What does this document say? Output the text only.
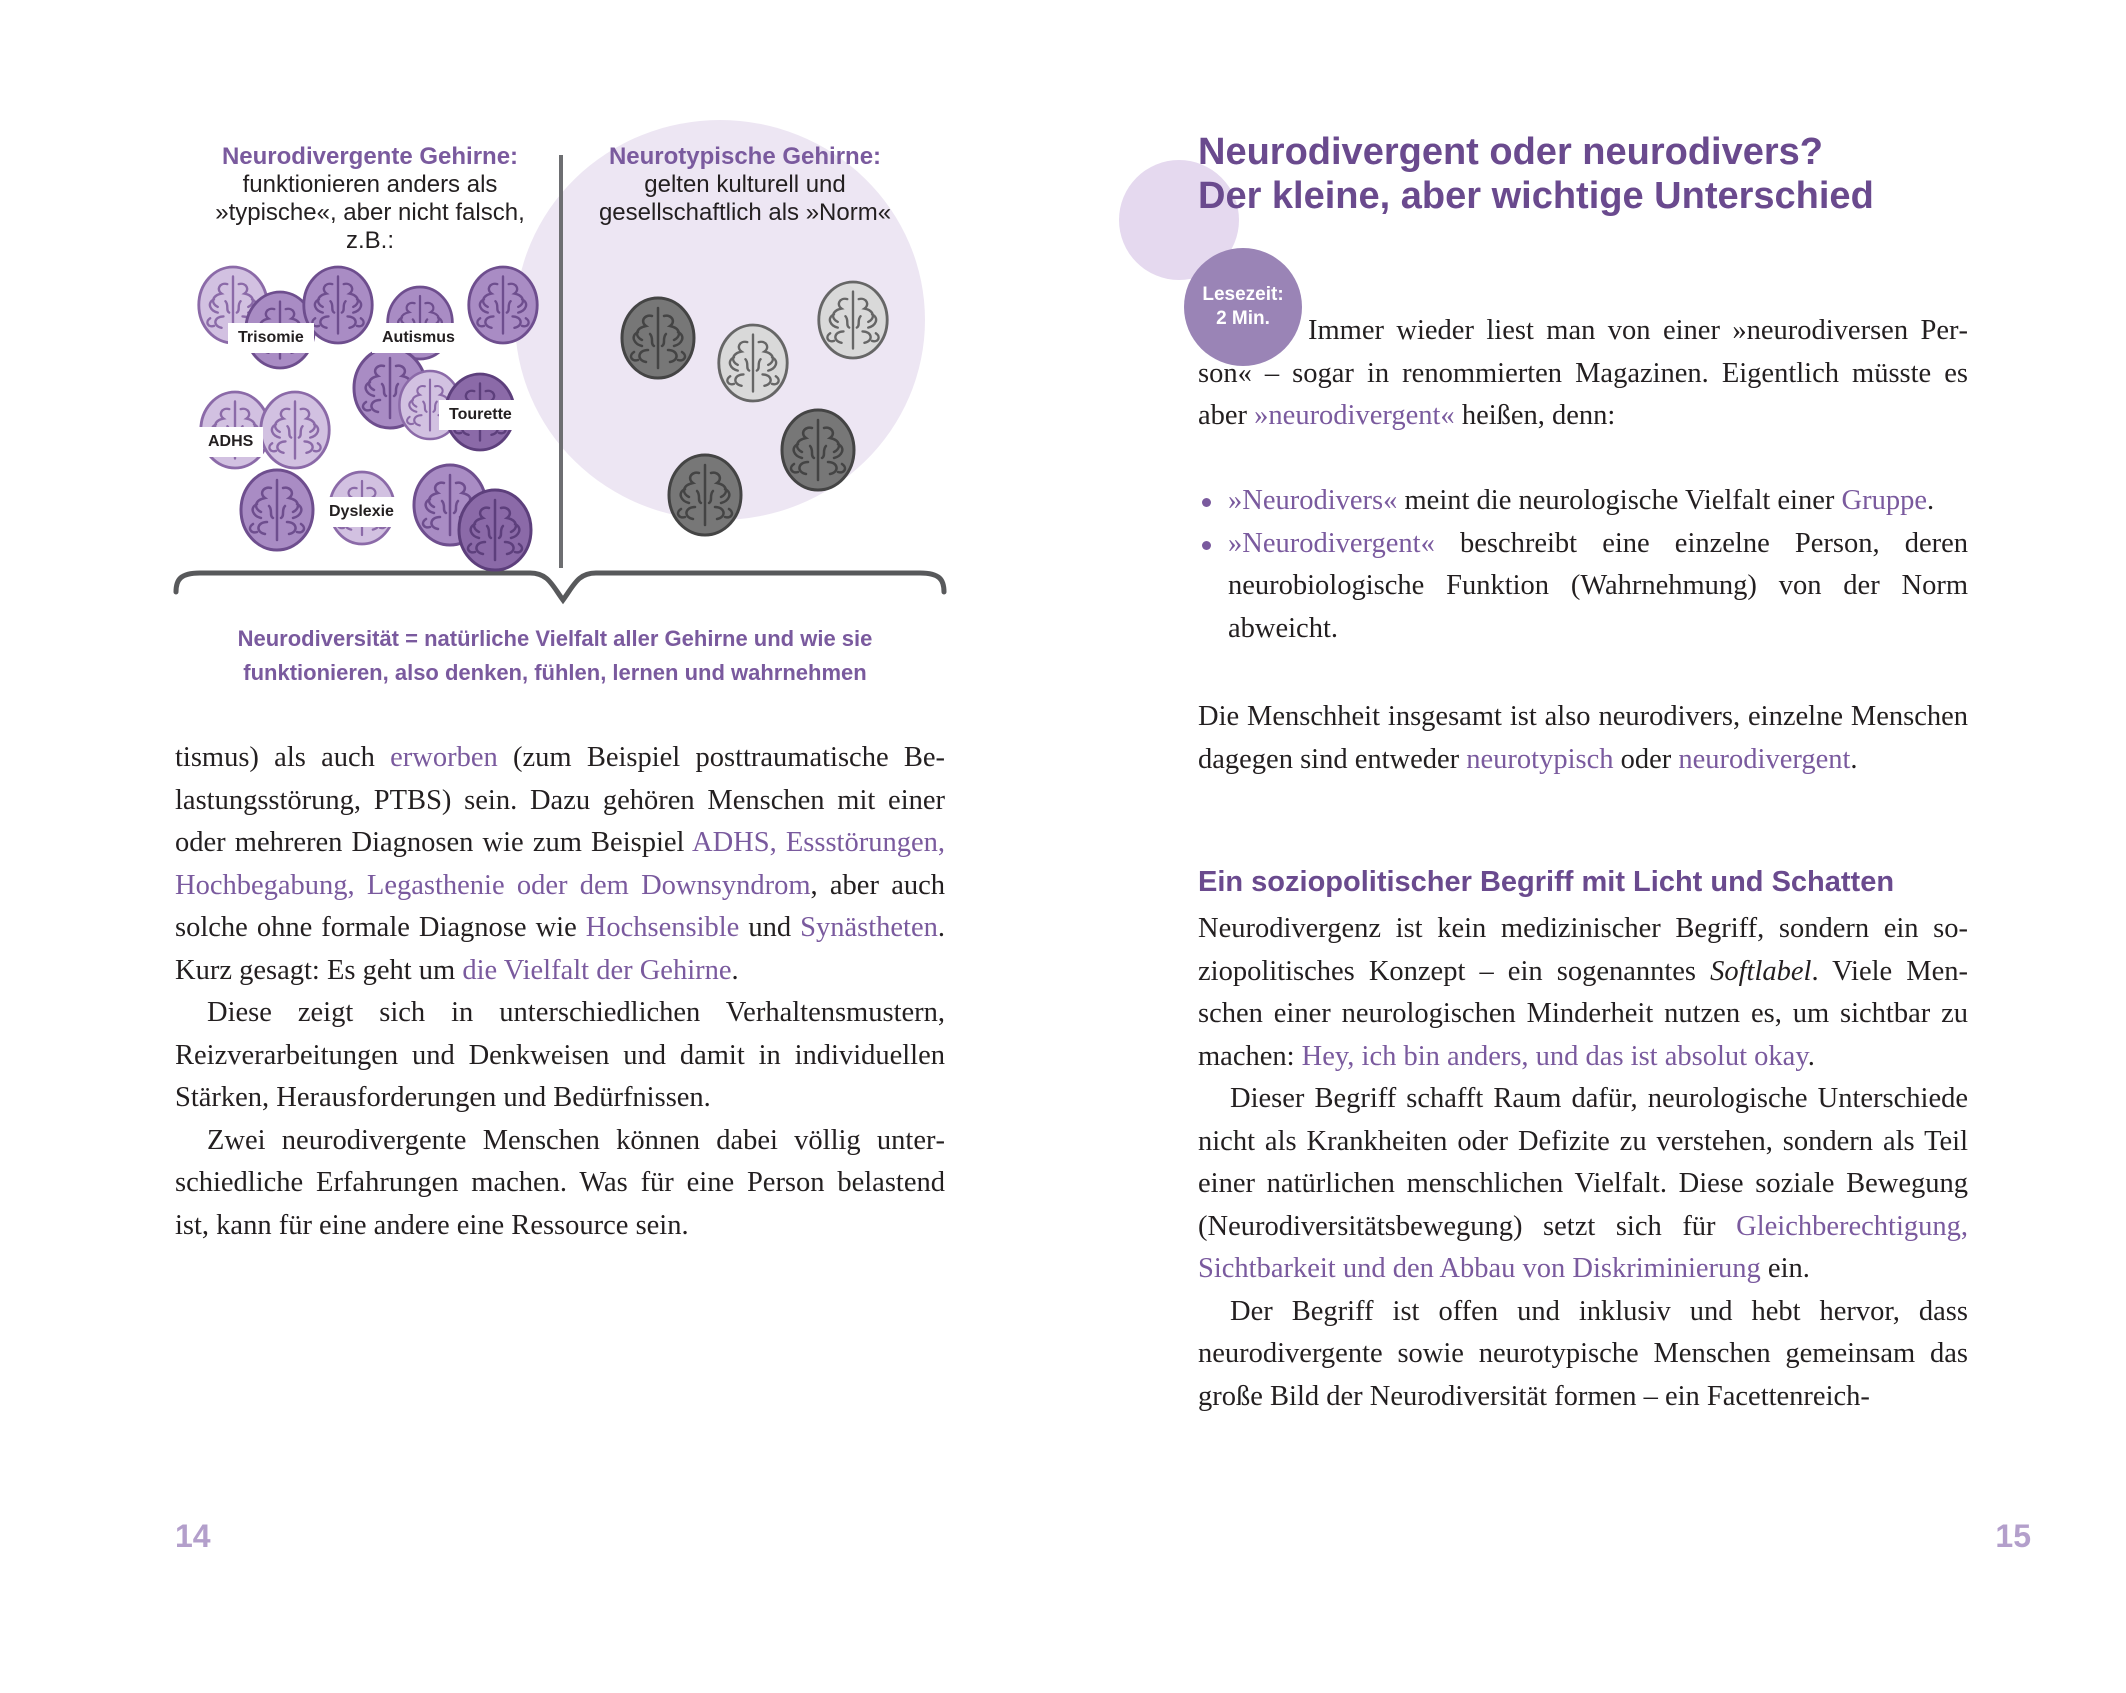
Neurodivergente Gehirne:
funktionieren anders als
»typische«, aber nicht falsch,
z.B.:
Neurotypische Gehirne:
gelten kulturell und
gesellschaftlich als »Norm«
Trisomie	Autismus
Tourette
ADHS
Dyslexie
Neurodiversität = natürliche Vielfalt aller Gehirne und wie sie
funktionieren, also denken, fühlen, lernen und wahrnehmen

tismus) als auch erworben (zum Beispiel posttraumatische Belastungsstörung, PTBS) sein. Dazu gehören Menschen mit einer oder mehreren Diagnosen wie zum Beispiel ADHS, Essstörungen, Hochbegabung, Legasthenie oder dem Downsyndrom, aber auch solche ohne formale Diagnose wie Hochsensible und Synästheten. Kurz gesagt: Es geht um die Vielfalt der Gehirne.

Diese zeigt sich in unterschiedlichen Verhaltensmustern, Reizverarbeitungen und Denkweisen und damit in individuellen Stärken, Herausforderungen und Bedürfnissen.

Zwei neurodivergente Menschen können dabei völlig unterschiedliche Erfahrungen machen. Was für eine Person belastend ist, kann für eine andere eine Ressource sein.

14
Lesezeit:
2 Min.
Neurodivergent oder neurodivers?
Der kleine, aber wichtige Unterschied

Immer wieder liest man von einer »neurodiversen Person« – sogar in renommierten Magazinen. Eigentlich müsste es aber »neurodivergent« heißen, denn:

»Neurodivers« meint die neurologische Vielfalt einer Gruppe.
»Neurodivergent« beschreibt eine einzelne Person, deren neurobiologische Funktion (Wahrnehmung) von der Norm abweicht.

Die Menschheit insgesamt ist also neurodivers, einzelne Menschen dagegen sind entweder neurotypisch oder neurodivergent.

Ein soziopolitischer Begriff mit Licht und Schatten

Neurodivergenz ist kein medizinischer Begriff, sondern ein soziopolitisches Konzept – ein sogenanntes Softlabel. Viele Menschen einer neurologischen Minderheit nutzen es, um sichtbar zu machen: Hey, ich bin anders, und das ist absolut okay.

Dieser Begriff schafft Raum dafür, neurologische Unterschiede nicht als Krankheiten oder Defizite zu verstehen, sondern als Teil einer natürlichen menschlichen Vielfalt. Diese soziale Bewegung (Neurodiversitätsbewegung) setzt sich für Gleichberechtigung, Sichtbarkeit und den Abbau von Diskriminierung ein.

Der Begriff ist offen und inklusiv und hebt hervor, dass neurodivergente sowie neurotypische Menschen gemeinsam das große Bild der Neurodiversität formen – ein Facettenreich-

15
